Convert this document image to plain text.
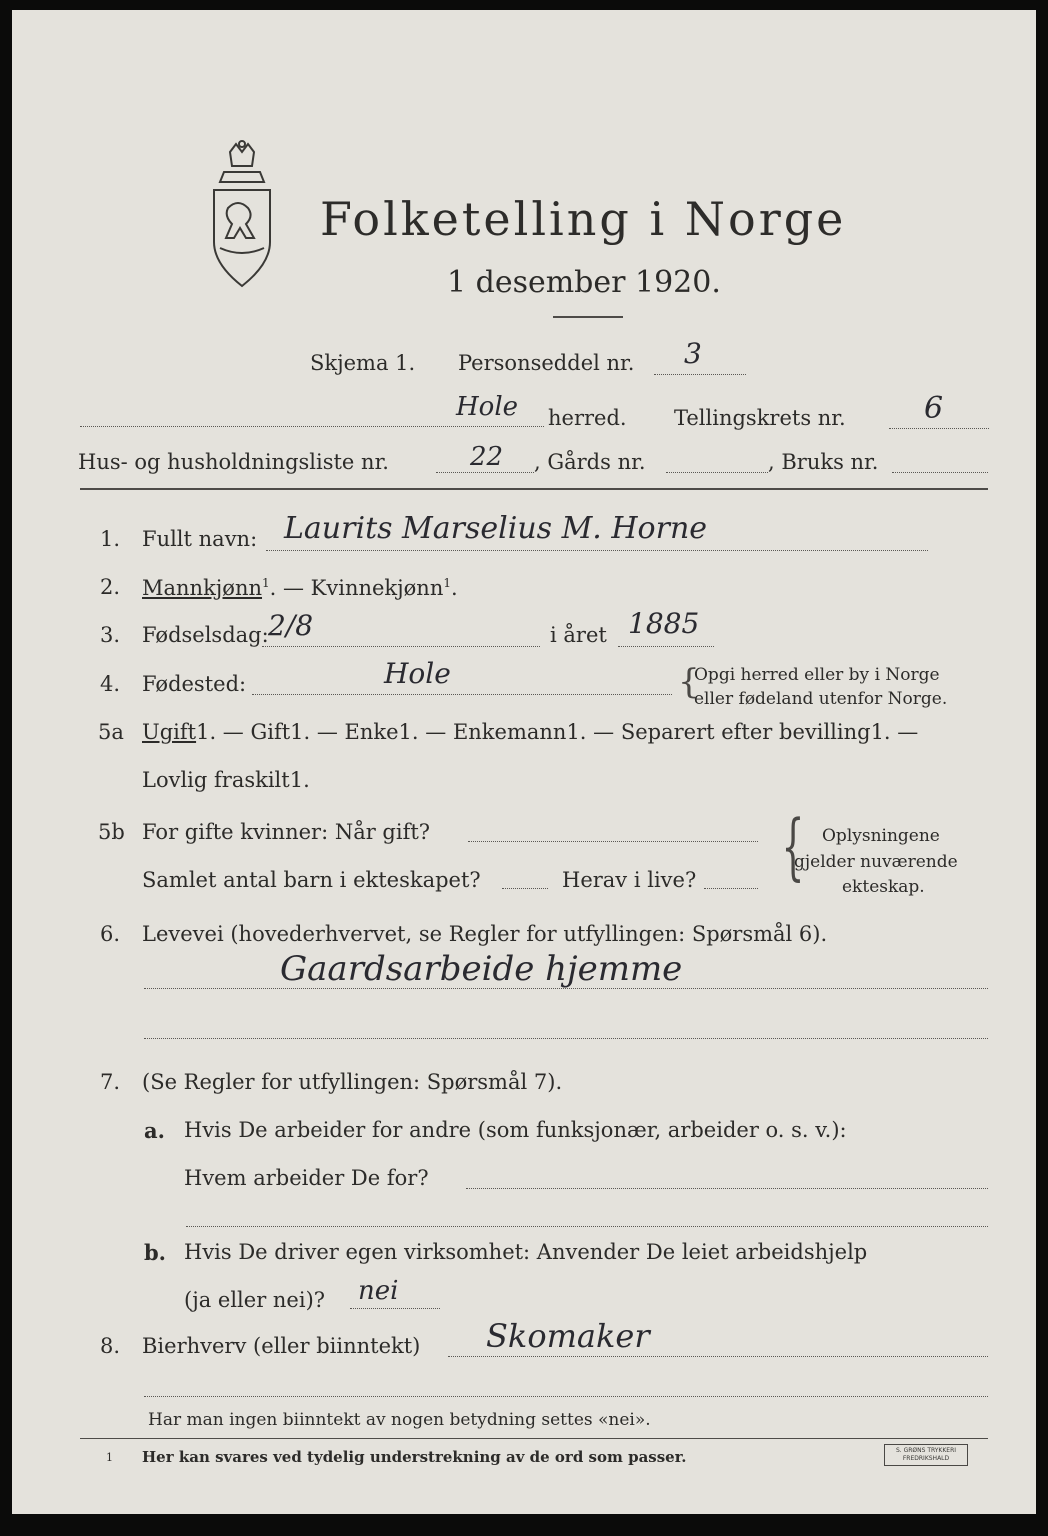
Folketelling i Norge
1 desember 1920.
Skjema 1. Personseddel nr. 3
Hole herred. Tellingskrets nr.	6
Hus- og husholdningsliste nr.	22 , Gårds nr.	, Bruks nr.
1. Fullt navn: Laurits Marselius M. Horne
2. Mannkjønn$^1$. — Kvinnekjønn$^1$.
3. Fødselsdag: 2/8	i året 1885
4. Fødested:	Hole	{
Opgi herred eller by i Norge
eller fødeland utenfor Norge.
5a Ugift1. — Gift1. — Enke1. — Enkemann1. — Separert efter bevilling1. —
Lovlig fraskilt1.
5b For gifte kvinner: Når gift?
Samlet antal barn i ekteskapet?	Herav i live? { Oplysningene
gjelder nuværende
ekteskap.
6. Levevei (hovederhvervet, se Regler for utfyllingen: Spørsmål 6).
Gaardsarbeide hjemme
7. (Se Regler for utfyllingen: Spørsmål 7).
a. Hvis De arbeider for andre (som funksjonær, arbeider o. s. v.):
Hvem arbeider De for?
b. Hvis De driver egen virksomhet: Anvender De leiet arbeidshjelp
(ja eller nei)? nei
8. Bierhverv (eller biinntekt) Skomaker
Har man ingen biinntekt av nogen betydning settes «nei».
1 Her kan svares ved tydelig understrekning av de ord som passer.	S. GRØNS TRYKKERI FREDRIKSHALD
